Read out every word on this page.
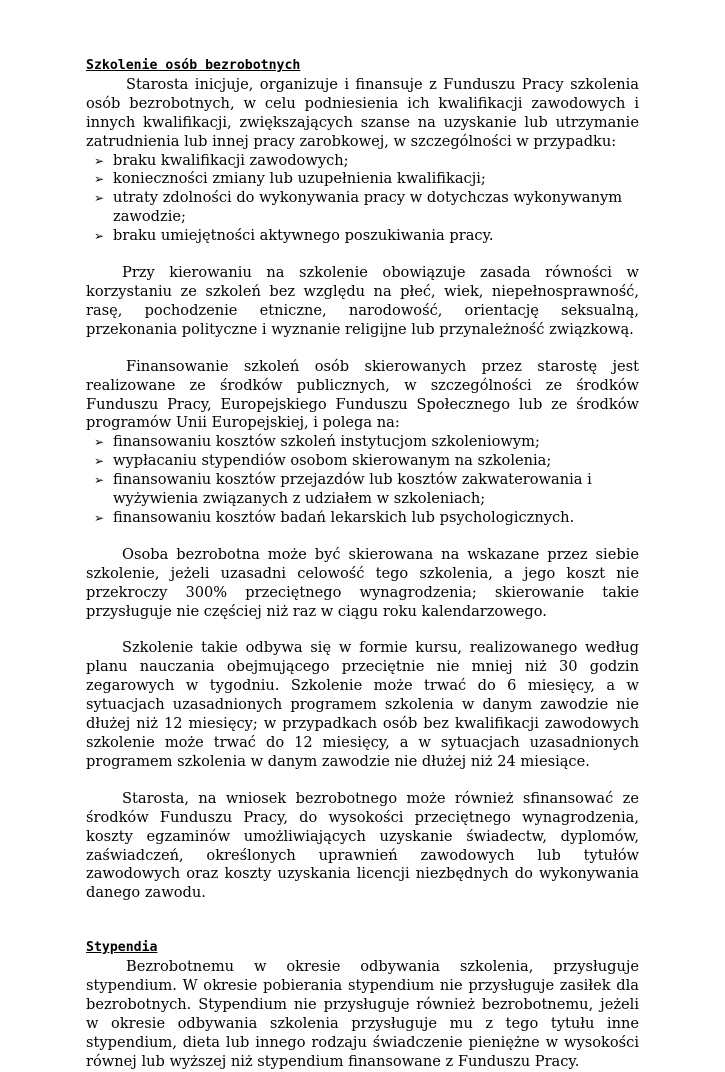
Szkolenie osób bezrobotnych

Starosta inicjuje, organizuje i finansuje z Funduszu Pracy szkolenia osób bezrobotnych, w celu podniesienia ich kwalifikacji zawodowych i innych kwalifikacji, zwiększających szanse na uzyskanie lub utrzymanie zatrudnienia lub innej pracy zarobkowej, w szczególności w przypadku:

➢ braku kwalifikacji zawodowych;
➢ konieczności zmiany lub uzupełnienia kwalifikacji;
➢ utraty zdolności do wykonywania pracy w dotychczas wykonywanym zawodzie;
➢ braku umiejętności aktywnego poszukiwania pracy.

Przy kierowaniu na szkolenie obowiązuje zasada równości w korzystaniu ze szkoleń bez względu na płeć, wiek, niepełnosprawność, rasę, pochodzenie etniczne, narodowość, orientację seksualną, przekonania polityczne i wyznanie religijne lub przynależność związkową.

Finansowanie szkoleń osób skierowanych przez starostę jest realizowane ze środków publicznych, w szczególności ze środków Funduszu Pracy, Europejskiego Funduszu Społecznego lub ze środków programów Unii Europejskiej, i polega na:

➢ finansowaniu kosztów szkoleń instytucjom szkoleniowym;
➢ wypłacaniu stypendiów osobom skierowanym na szkolenia;
➢ finansowaniu kosztów przejazdów lub kosztów zakwaterowania i wyżywienia związanych z udziałem w szkoleniach;
➢ finansowaniu kosztów badań lekarskich lub psychologicznych.

Osoba bezrobotna może być skierowana na wskazane przez siebie szkolenie, jeżeli uzasadni celowość tego szkolenia, a jego koszt nie przekroczy 300% przeciętnego wynagrodzenia; skierowanie takie przysługuje nie częściej niż raz w ciągu roku kalendarzowego.

Szkolenie takie odbywa się w formie kursu, realizowanego według planu nauczania obejmującego przeciętnie nie mniej niż 30 godzin zegarowych w tygodniu. Szkolenie może trwać do 6 miesięcy, a w sytuacjach uzasadnionych programem szkolenia w danym zawodzie nie dłużej niż 12 miesięcy; w przypadkach osób bez kwalifikacji zawodowych szkolenie może trwać do 12 miesięcy, a w sytuacjach uzasadnionych programem szkolenia w danym zawodzie nie dłużej niż 24 miesiące.

Starosta, na wniosek bezrobotnego może również sfinansować ze środków Funduszu Pracy, do wysokości przeciętnego wynagrodzenia, koszty egzaminów umożliwiających uzyskanie świadectw, dyplomów, zaświadczeń, określonych uprawnień zawodowych lub tytułów zawodowych oraz koszty uzyskania licencji niezbędnych do wykonywania danego zawodu.

Stypendia

Bezrobotnemu w okresie odbywania szkolenia, przysługuje stypendium. W okresie pobierania stypendium nie przysługuje zasiłek dla bezrobotnych. Stypendium nie przysługuje również bezrobotnemu, jeżeli w okresie odbywania szkolenia przysługuje mu z tego tytułu inne stypendium, dieta lub innego rodzaju świadczenie pieniężne w wysokości równej lub wyższej niż stypendium finansowane z Funduszu Pracy.
